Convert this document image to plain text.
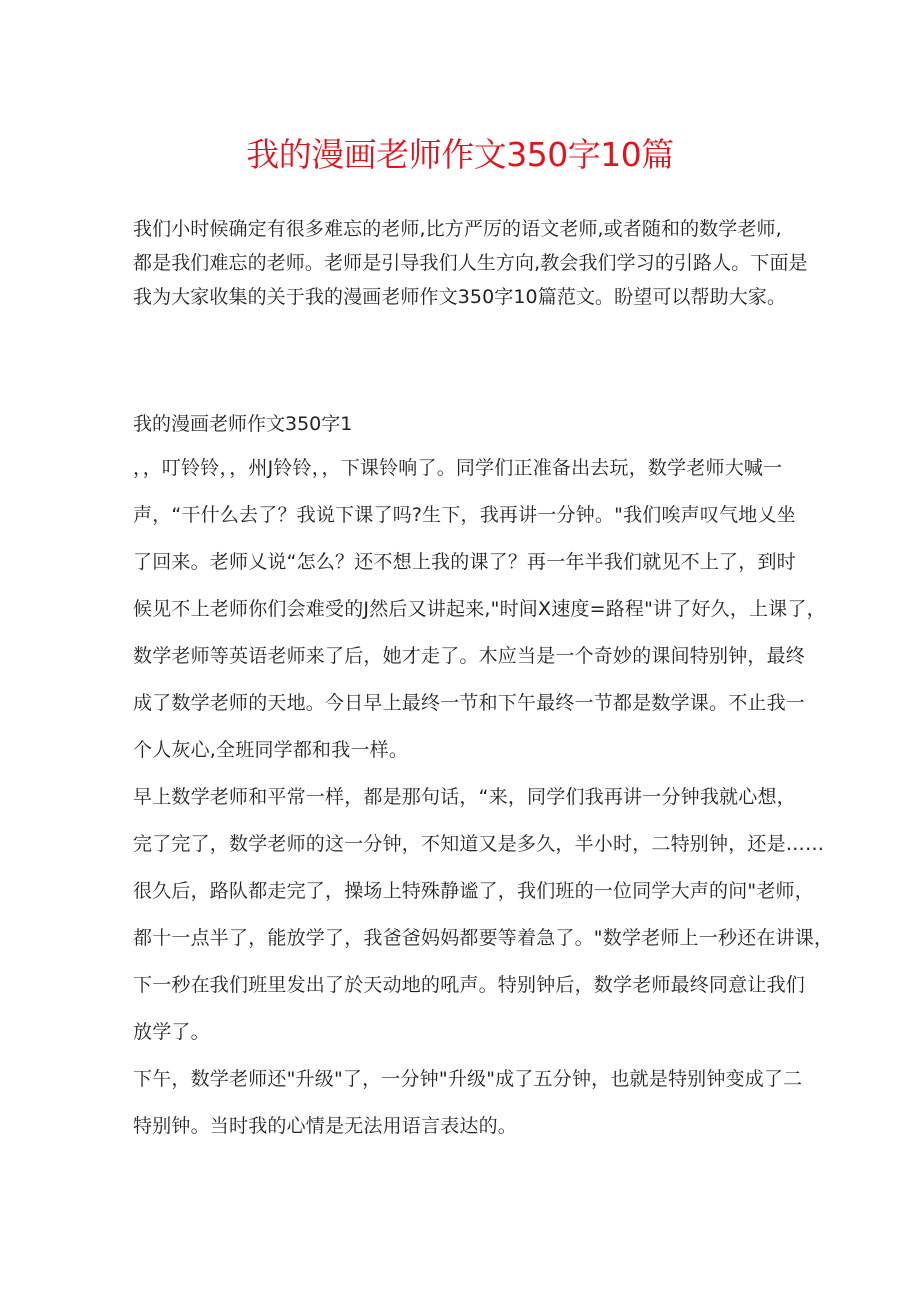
我的漫画老师作文350字10篇
我们小时候确定有很多难忘的老师,比方严厉的语文老师,或者随和的数学老师,
都是我们难忘的老师。老师是引导我们人生方向,教会我们学习的引路人。下面是
我为大家收集的关于我的漫画老师作文350字10篇范文。盼望可以帮助大家。
我的漫画老师作文350字1
，，叮铃铃，，州J铃铃，，下课铃响了。同学们正准备出去玩，数学老师大喊一
声，“干什么去了？我说下课了吗?生下，我再讲一分钟。"我们唉声叹气地乂坐
了回来。老师乂说“怎么？还不想上我的课了？再一年半我们就见不上了，到时
候见不上老师你们会难受的J然后又讲起来,"时间X速度=路程"讲了好久，上课了，
数学老师等英语老师来了后，她才走了。木应当是一个奇妙的课间特别钟，最终
成了数学老师的天地。今日早上最终一节和下午最终一节都是数学课。不止我一
个人灰心,全班同学都和我一样。
早上数学老师和平常一样，都是那句话，“来，同学们我再讲一分钟我就心想，
完了完了，数学老师的这一分钟，不知道又是多久，半小时，二特别钟，还是……
很久后，路队都走完了，操场上特殊静谧了，我们班的一位同学大声的问"老师，
都十一点半了，能放学了，我爸爸妈妈都要等着急了。"数学老师上一秒还在讲课，
下一秒在我们班里发出了於天动地的吼声。特别钟后，数学老师最终同意让我们
放学了。
下午，数学老师还"升级"了，一分钟"升级"成了五分钟，也就是特别钟变成了二
特别钟。当时我的心情是无法用语言表达的。
